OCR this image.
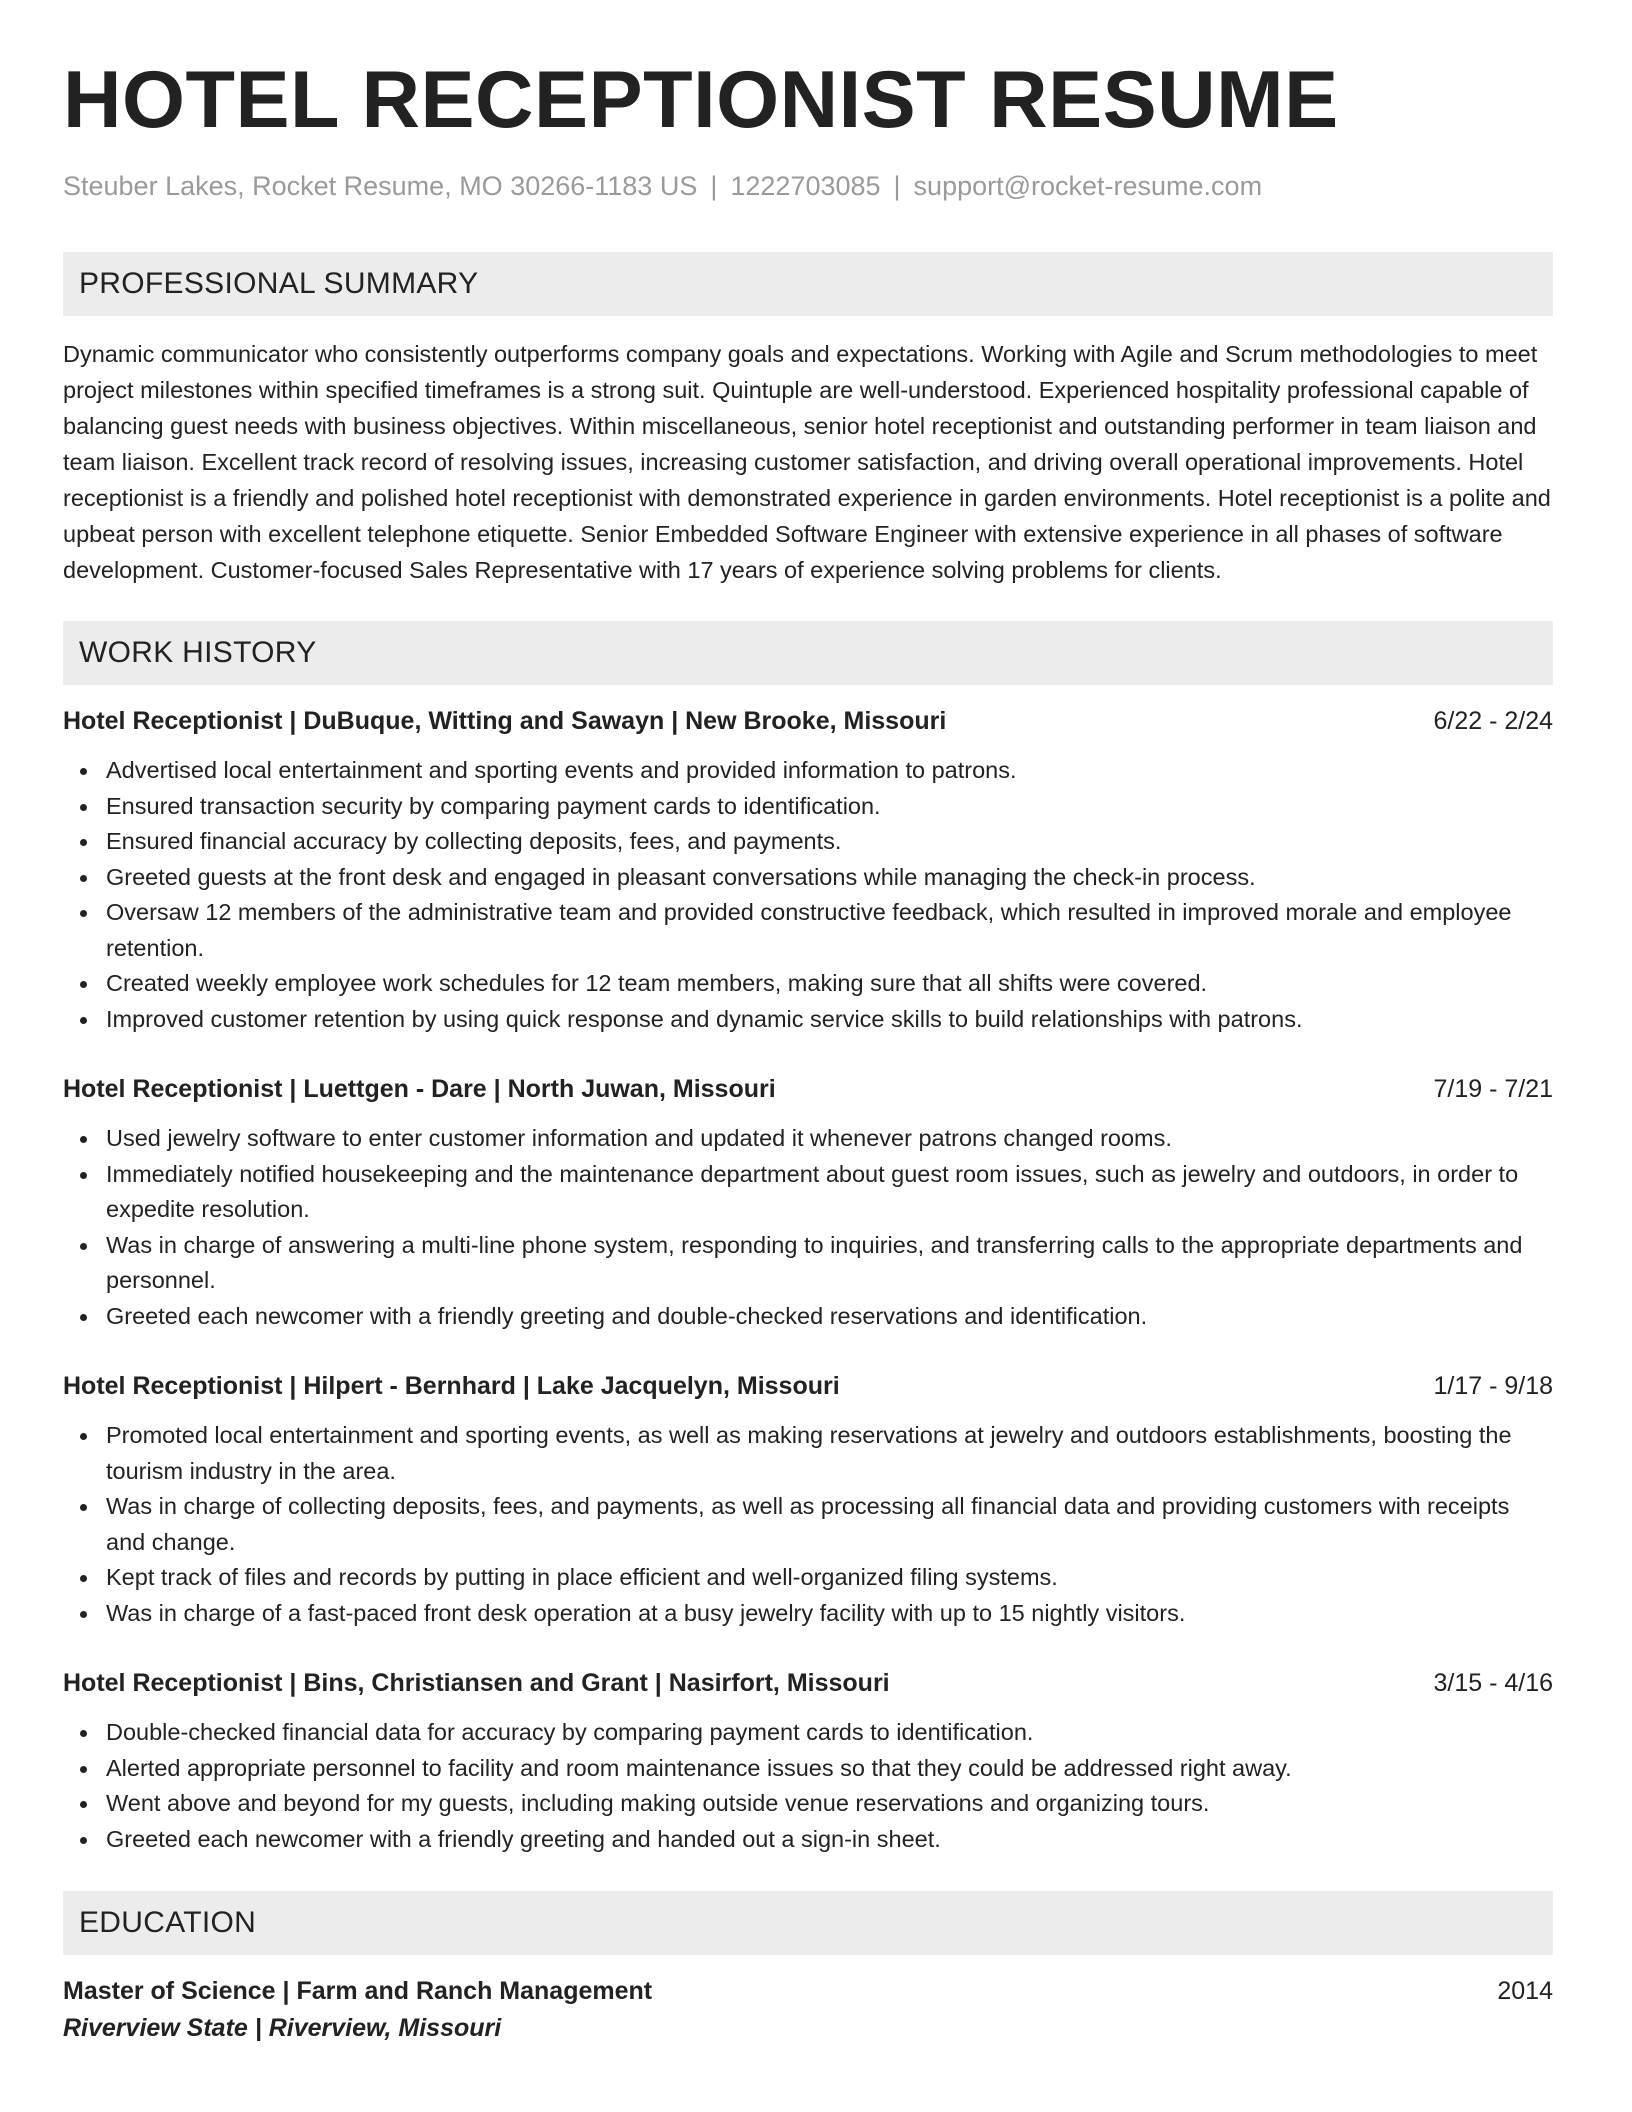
HOTEL RECEPTIONIST RESUME
Steuber Lakes, Rocket Resume, MO 30266-1183 US | 1222703085 | support@rocket-resume.com
PROFESSIONAL SUMMARY

Dynamic communicator who consistently outperforms company goals and expectations. Working with Agile and Scrum methodologies to meet project milestones within specified timeframes is a strong suit. Quintuple are well-understood. Experienced hospitality professional capable of balancing guest needs with business objectives. Within miscellaneous, senior hotel receptionist and outstanding performer in team liaison and team liaison. Excellent track record of resolving issues, increasing customer satisfaction, and driving overall operational improvements. Hotel receptionist is a friendly and polished hotel receptionist with demonstrated experience in garden environments. Hotel receptionist is a polite and upbeat person with excellent telephone etiquette. Senior Embedded Software Engineer with extensive experience in all phases of software development. Customer-focused Sales Representative with 17 years of experience solving problems for clients.

WORK HISTORY
Hotel Receptionist | DuBuque, Witting and Sawayn | New Brooke, Missouri	6/22 - 2/24
Advertised local entertainment and sporting events and provided information to patrons.
Ensured transaction security by comparing payment cards to identification.
Ensured financial accuracy by collecting deposits, fees, and payments.
Greeted guests at the front desk and engaged in pleasant conversations while managing the check-in process.
Oversaw 12 members of the administrative team and provided constructive feedback, which resulted in improved morale and employee retention.
Created weekly employee work schedules for 12 team members, making sure that all shifts were covered.
Improved customer retention by using quick response and dynamic service skills to build relationships with patrons.
Hotel Receptionist | Luettgen - Dare | North Juwan, Missouri	7/19 - 7/21
Used jewelry software to enter customer information and updated it whenever patrons changed rooms.
Immediately notified housekeeping and the maintenance department about guest room issues, such as jewelry and outdoors, in order to expedite resolution.
Was in charge of answering a multi-line phone system, responding to inquiries, and transferring calls to the appropriate departments and personnel.
Greeted each newcomer with a friendly greeting and double-checked reservations and identification.
Hotel Receptionist | Hilpert - Bernhard | Lake Jacquelyn, Missouri	1/17 - 9/18
Promoted local entertainment and sporting events, as well as making reservations at jewelry and outdoors establishments, boosting the tourism industry in the area.
Was in charge of collecting deposits, fees, and payments, as well as processing all financial data and providing customers with receipts and change.
Kept track of files and records by putting in place efficient and well-organized filing systems.
Was in charge of a fast-paced front desk operation at a busy jewelry facility with up to 15 nightly visitors.
Hotel Receptionist | Bins, Christiansen and Grant | Nasirfort, Missouri	3/15 - 4/16
Double-checked financial data for accuracy by comparing payment cards to identification.
Alerted appropriate personnel to facility and room maintenance issues so that they could be addressed right away.
Went above and beyond for my guests, including making outside venue reservations and organizing tours.
Greeted each newcomer with a friendly greeting and handed out a sign-in sheet.
EDUCATION
Master of Science | Farm and Ranch Management	2014
Riverview State | Riverview, Missouri
